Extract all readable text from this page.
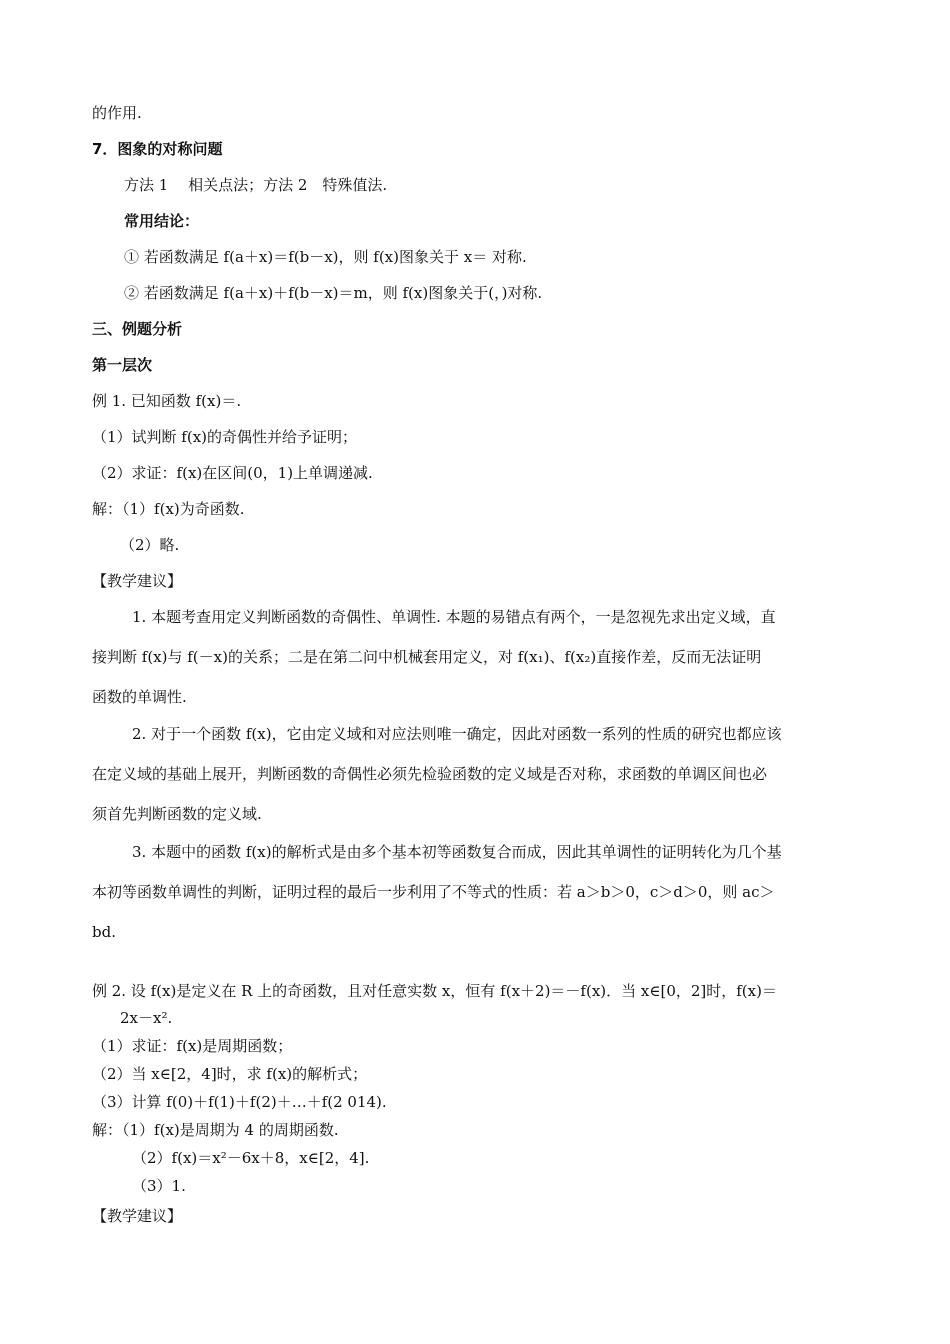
的作用.
7．图象的对称问题
方法 1　 相关点法；方法 2　特殊值法.
常用结论：
① 若函数满足 f(a＋x)＝f(b－x)，则 f(x)图象关于 x＝ 对称.
② 若函数满足 f(a＋x)＋f(b－x)＝m，则 f(x)图象关于(，)对称.
三、例题分析
第一层次
例 1. 已知函数 f(x)＝.
（1）试判断 f(x)的奇偶性并给予证明；
（2）求证：f(x)在区间(0，1)上单调递减.
解：（1）f(x)为奇函数.
（2）略.
【教学建议】
1. 本题考查用定义判断函数的奇偶性、单调性. 本题的易错点有两个，一是忽视先求出定义域，直
接判断 f(x)与 f(－x)的关系；二是在第二问中机械套用定义，对 f(x₁)、f(x₂)直接作差，反而无法证明
函数的单调性.
2. 对于一个函数 f(x)，它由定义域和对应法则唯一确定，因此对函数一系列的性质的研究也都应该
在定义域的基础上展开，判断函数的奇偶性必须先检验函数的定义域是否对称，求函数的单调区间也必
须首先判断函数的定义域.
3. 本题中的函数 f(x)的解析式是由多个基本初等函数复合而成，因此其单调性的证明转化为几个基
本初等函数单调性的判断，证明过程的最后一步利用了不等式的性质：若 a＞b＞0，c＞d＞0，则 ac＞
bd.
例 2. 设 f(x)是定义在 R 上的奇函数，且对任意实数 x，恒有 f(x＋2)＝－f(x)．当 x∈[0，2]时，f(x)＝
2x－x².
（1）求证：f(x)是周期函数；
（2）当 x∈[2，4]时，求 f(x)的解析式；
（3）计算 f(0)＋f(1)＋f(2)＋…＋f(2 014).
解：（1）f(x)是周期为 4 的周期函数.
（2）f(x)＝x²－6x＋8，x∈[2，4].
（3）1.
【教学建议】
